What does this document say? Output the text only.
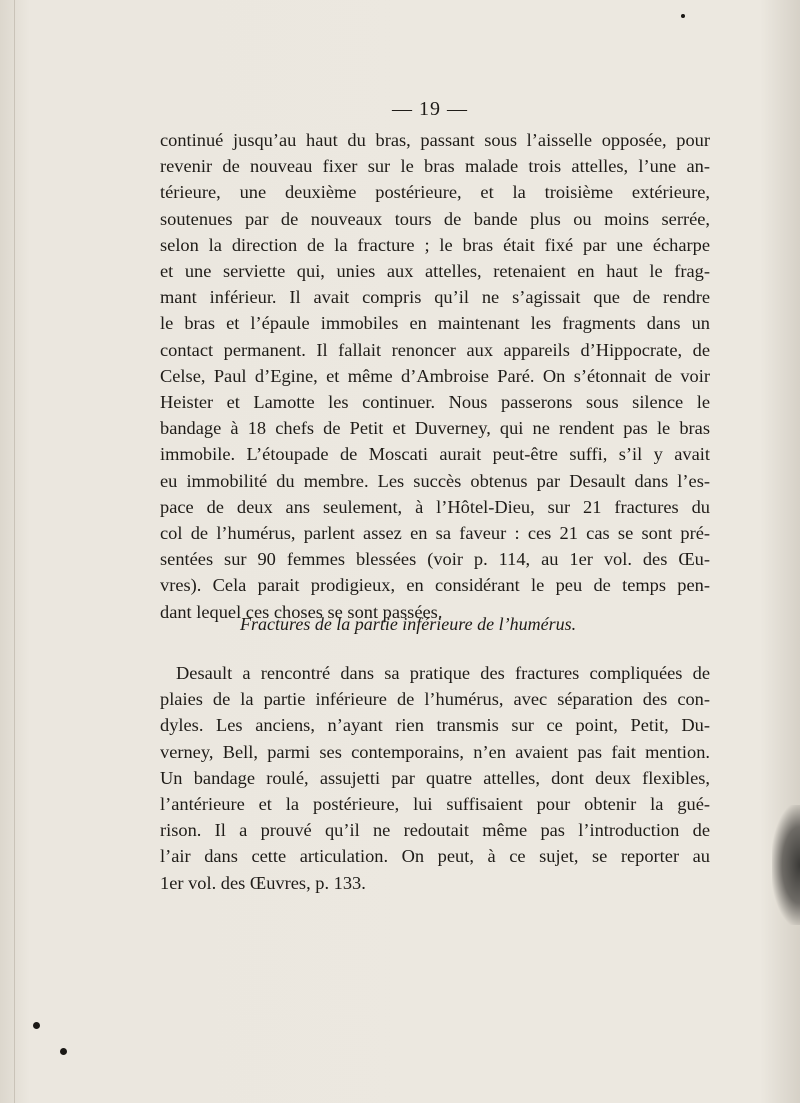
— 19 —
continué jusqu’au haut du bras, passant sous l’aisselle opposée, pour
revenir de nouveau fixer sur le bras malade trois attelles, l’une an-
térieure, une deuxième postérieure, et la troisième extérieure,
soutenues par de nouveaux tours de bande plus ou moins serrée,
selon la direction de la fracture ; le bras était fixé par une écharpe
et une serviette qui, unies aux attelles, retenaient en haut le frag-
mant inférieur. Il avait compris qu’il ne s’agissait que de rendre
le bras et l’épaule immobiles en maintenant les fragments dans un
contact permanent. Il fallait renoncer aux appareils d’Hippocrate, de
Celse, Paul d’Egine, et même d’Ambroise Paré. On s’étonnait de voir
Heister et Lamotte les continuer. Nous passerons sous silence le
bandage à 18 chefs de Petit et Duverney, qui ne rendent pas le bras
immobile. L’étoupade de Moscati aurait peut-être suffi, s’il y avait
eu immobilité du membre. Les succès obtenus par Desault dans l’es-
pace de deux ans seulement, à l’Hôtel-Dieu, sur 21 fractures du
col de l’humérus, parlent assez en sa faveur : ces 21 cas se sont pré-
sentées sur 90 femmes blessées (voir p. 114, au 1er vol. des Œu-
vres). Cela parait prodigieux, en considérant le peu de temps pen-
dant lequel ces choses se sont passées.
Fractures de la partie inférieure de l’humérus.
Desault a rencontré dans sa pratique des fractures compliquées de
plaies de la partie inférieure de l’humérus, avec séparation des con-
dyles. Les anciens, n’ayant rien transmis sur ce point, Petit, Du-
verney, Bell, parmi ses contemporains, n’en avaient pas fait mention.
Un bandage roulé, assujetti par quatre attelles, dont deux flexibles,
l’antérieure et la postérieure, lui suffisaient pour obtenir la gué-
rison. Il a prouvé qu’il ne redoutait même pas l’introduction de
l’air dans cette articulation. On peut, à ce sujet, se reporter au
1er vol. des Œuvres, p. 133.
